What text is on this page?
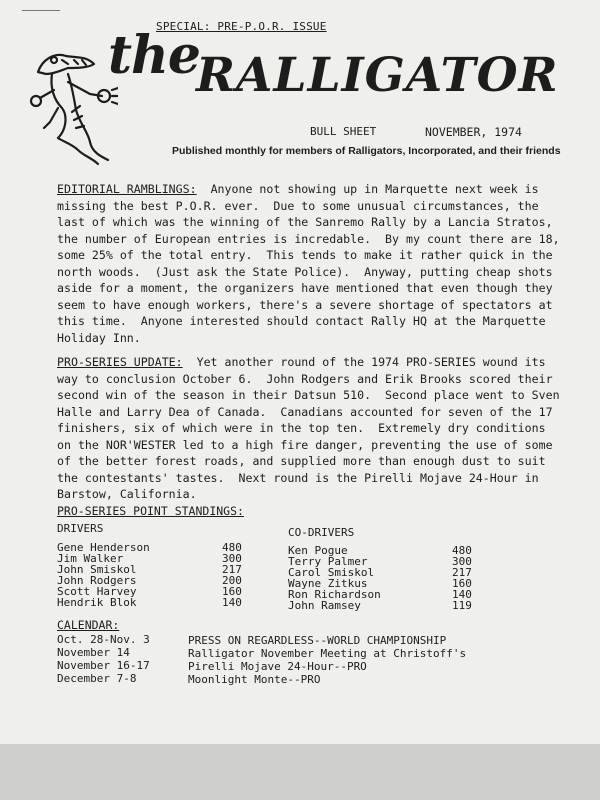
SPECIAL: PRE-P.O.R. ISSUE
the
RALLIGATOR
BULL SHEET	NOVEMBER, 1974
Published monthly for members of Ralligators, Incorporated, and their friends
EDITORIAL RAMBLINGS:  Anyone not showing up in Marquette next week is
missing the best P.O.R. ever.  Due to some unusual circumstances, the
last of which was the winning of the Sanremo Rally by a Lancia Stratos,
the number of European entries is incredable.  By my count there are 18,
some 25% of the total entry.  This tends to make it rather quick in the
north woods.  (Just ask the State Police).  Anyway, putting cheap shots
aside for a moment, the organizers have mentioned that even though they
seem to have enough workers, there's a severe shortage of spectators at
this time.  Anyone interested should contact Rally HQ at the Marquette
Holiday Inn.
PRO-SERIES UPDATE:  Yet another round of the 1974 PRO-SERIES wound its
way to conclusion October 6.  John Rodgers and Erik Brooks scored their
second win of the season in their Datsun 510.  Second place went to Sven
Halle and Larry Dea of Canada.  Canadians accounted for seven of the 17
finishers, six of which were in the top ten.  Extremely dry conditions
on the NOR'WESTER led to a high fire danger, preventing the use of some
of the better forest roads, and supplied more than enough dust to suit
the contestants' tastes.  Next round is the Pirelli Mojave 24-Hour in
Barstow, California.
PRO-SERIES POINT STANDINGS:
DRIVERS	CO-DRIVERS
Gene Henderson
Jim Walker
John Smiskol
John Rodgers
Scott Harvey
Hendrik Blok
480
300
217
200
160
140
Ken Pogue
Terry Palmer
Carol Smiskol
Wayne Zitkus
Ron Richardson
John Ramsey
480
300
217
160
140
119
CALENDAR:
Oct. 28-Nov. 3
November 14
November 16-17
December 7-8
PRESS ON REGARDLESS--WORLD CHAMPIONSHIP
Ralligator November Meeting at Christoff's
Pirelli Mojave 24-Hour--PRO
Moonlight Monte--PRO
